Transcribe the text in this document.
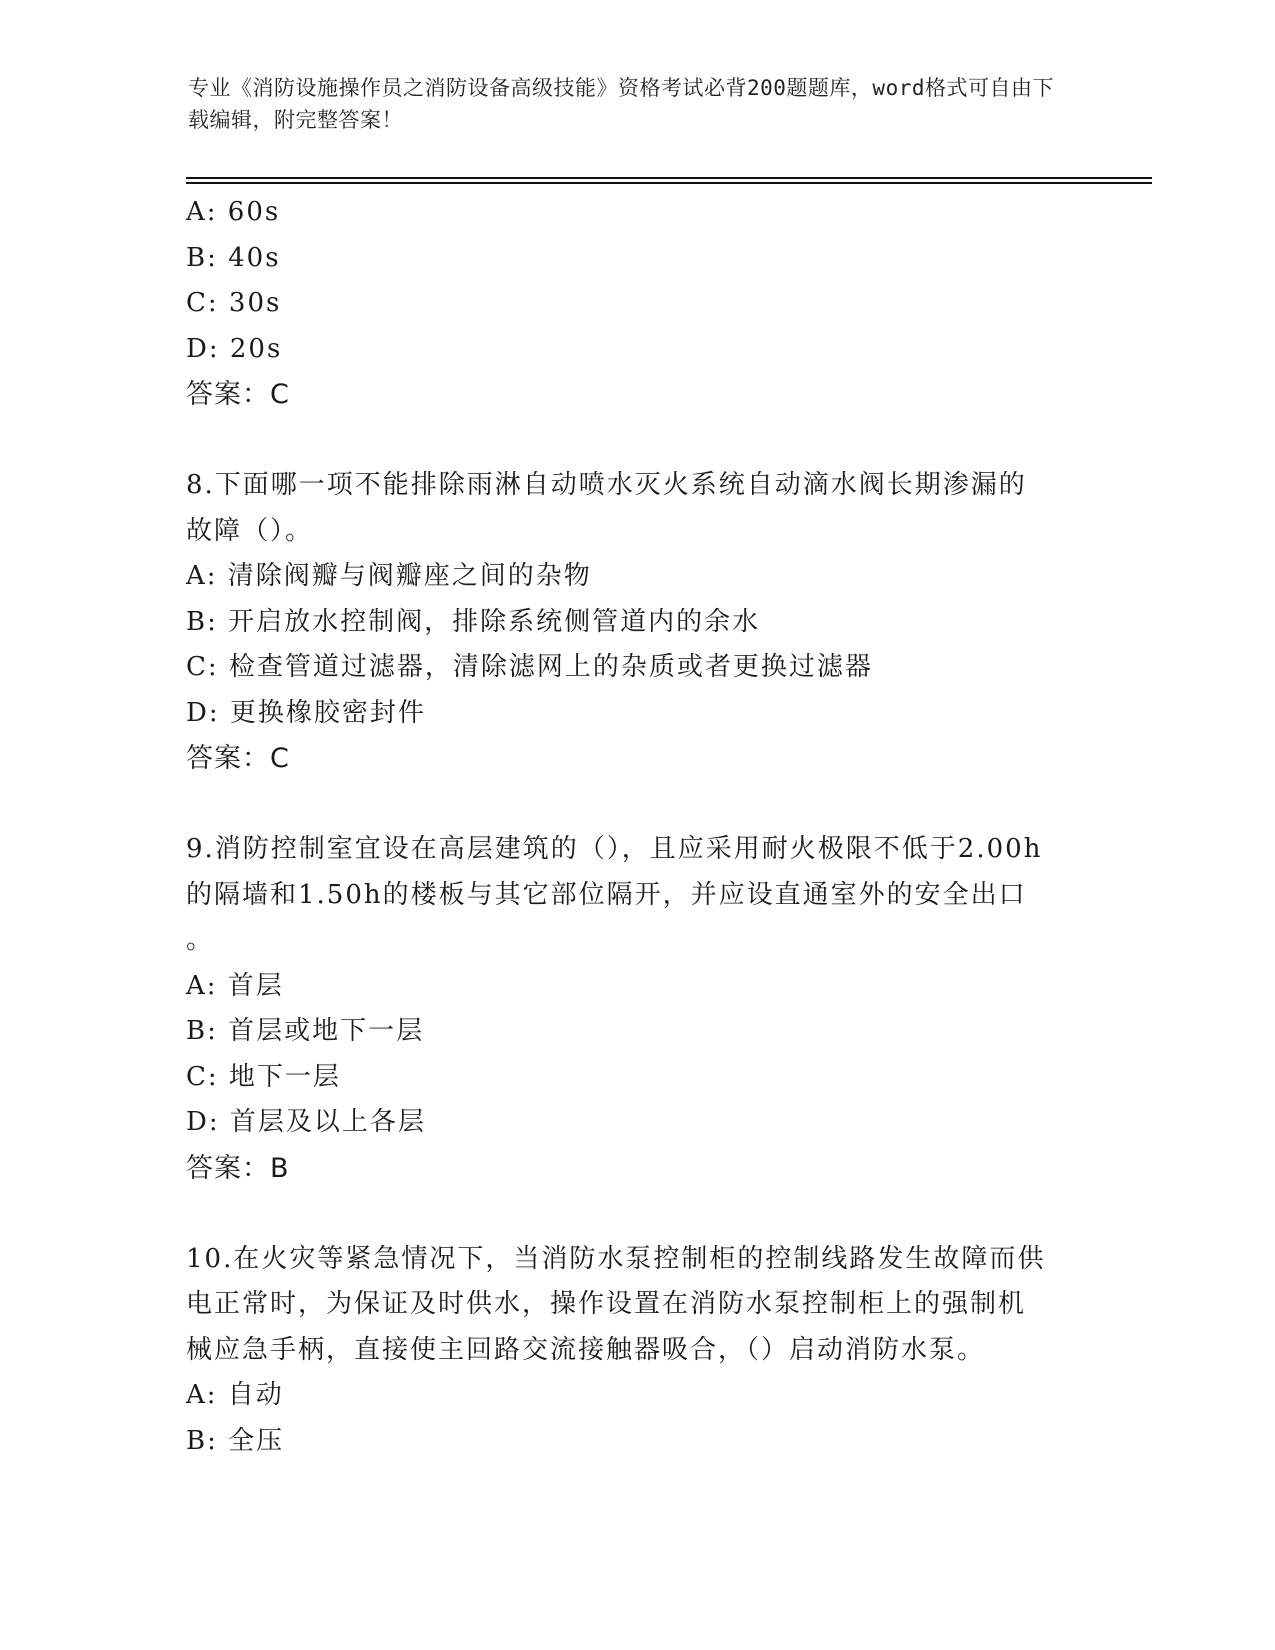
专业《消防设施操作员之消防设备高级技能》资格考试必背200题题库，word格式可自由下载编辑，附完整答案！
A: 60s
B: 40s
C: 30s
D: 20s
答案：C
8.下面哪一项不能排除雨淋自动喷水灭火系统自动滴水阀长期渗漏的
故障（）。
A: 清除阀瓣与阀瓣座之间的杂物
B: 开启放水控制阀，排除系统侧管道内的余水
C: 检查管道过滤器，清除滤网上的杂质或者更换过滤器
D: 更换橡胶密封件
答案：C
9.消防控制室宜设在高层建筑的（），且应采用耐火极限不低于2.00h
的隔墙和1.50h的楼板与其它部位隔开，并应设直通室外的安全出口
。
A: 首层
B: 首层或地下一层
C: 地下一层
D: 首层及以上各层
答案：B
10.在火灾等紧急情况下，当消防水泵控制柜的控制线路发生故障而供
电正常时，为保证及时供水，操作设置在消防水泵控制柜上的强制机
械应急手柄，直接使主回路交流接触器吸合，（）启动消防水泵。
A: 自动
B: 全压
